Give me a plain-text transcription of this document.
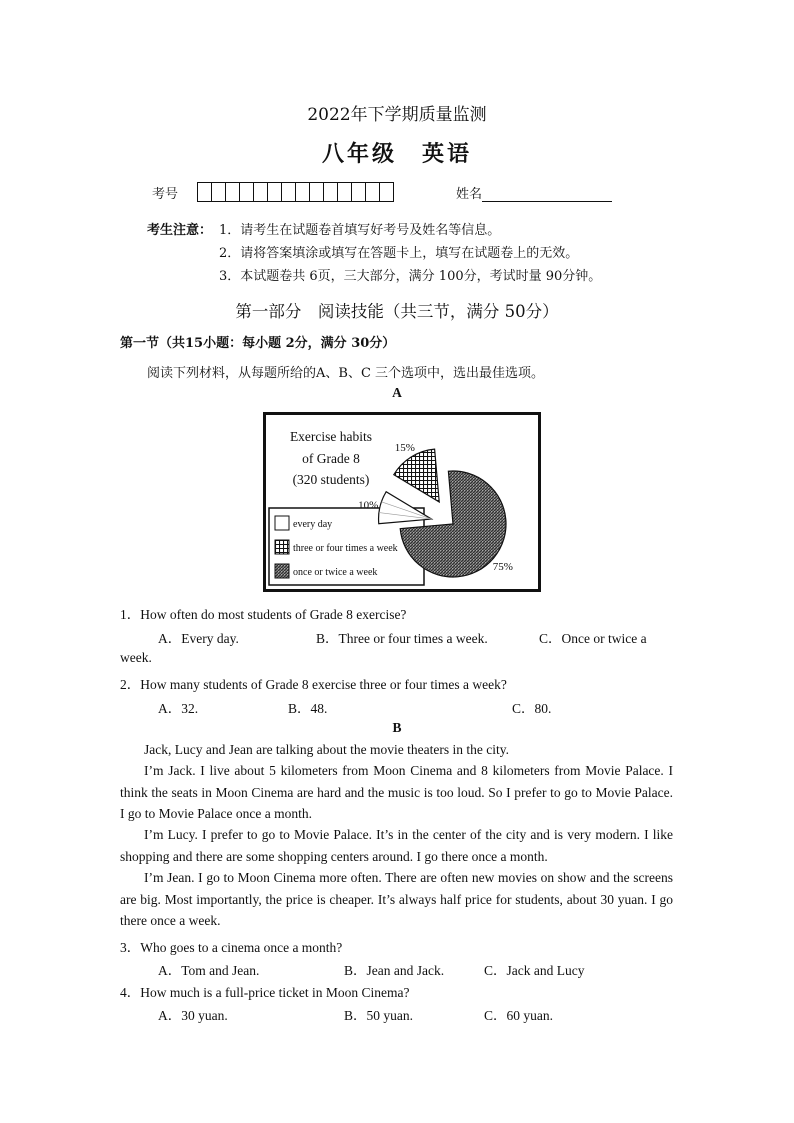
2022年下学期质量监测
八年级　英语
考号	姓名
考生注意： 1．请考生在试题卷首填写好考号及姓名等信息。
2．请将答案填涂或填写在答题卡上，填写在试题卷上的无效。
3．本试题卷共 6页，三大部分，满分 100分，考试时量 90分钟。
第一部分　阅读技能（共三节，满分 50分）
第一节（共15小题：每小题 2分，满分 30分）
阅读下列材料，从每题所给的A、B、C 三个选项中，选出最佳选项。
A
Exercise habits
of Grade 8
(320 students)
every day
three or four times a week
once or twice a week
10%
15%
75%
1．How often do most students of Grade 8 exercise?
A．Every day.	B．Three or four times a week.	C．Once or twice a
week.
2．How many students of Grade 8 exercise three or four times a week?
A．32.	B．48.	C．80.
B

Jack, Lucy and Jean are talking about the movie theaters in the city.

I’m Jack. I live about 5 kilometers from Moon Cinema and 8 kilometers from Movie Palace. I think the seats in Moon Cinema are hard and the music is too loud. So I prefer to go to Movie Palace. I go to Movie Palace once a month.

I’m Lucy. I prefer to go to Movie Palace. It’s in the center of the city and is very modern. I like shopping and there are some shopping centers around. I go there once a month.

I’m Jean. I go to Moon Cinema more often. There are often new movies on show and the screens are big. Most importantly, the price is cheaper. It’s always half price for students, about 30 yuan. I go there once a week.

3．Who goes to a cinema once a month?
A．Tom and Jean.	B．Jean and Jack.	C．Jack and Lucy
4．How much is a full-price ticket in Moon Cinema?
A．30 yuan.	B．50 yuan.	C．60 yuan.
